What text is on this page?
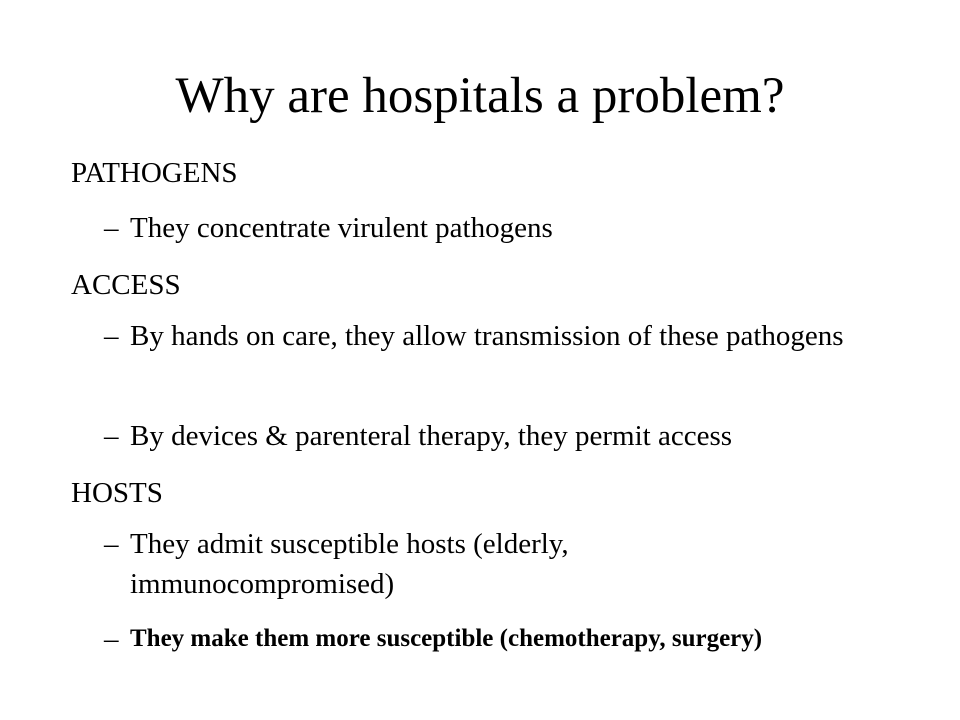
Why are hospitals a problem?
PATHOGENS
– They concentrate virulent pathogens
ACCESS
– By hands on care, they allow transmission of these pathogens
– By devices & parenteral therapy, they permit access
HOSTS
– They admit susceptible hosts (elderly, immunocompromised)
– They make them more susceptible (chemotherapy, surgery)
